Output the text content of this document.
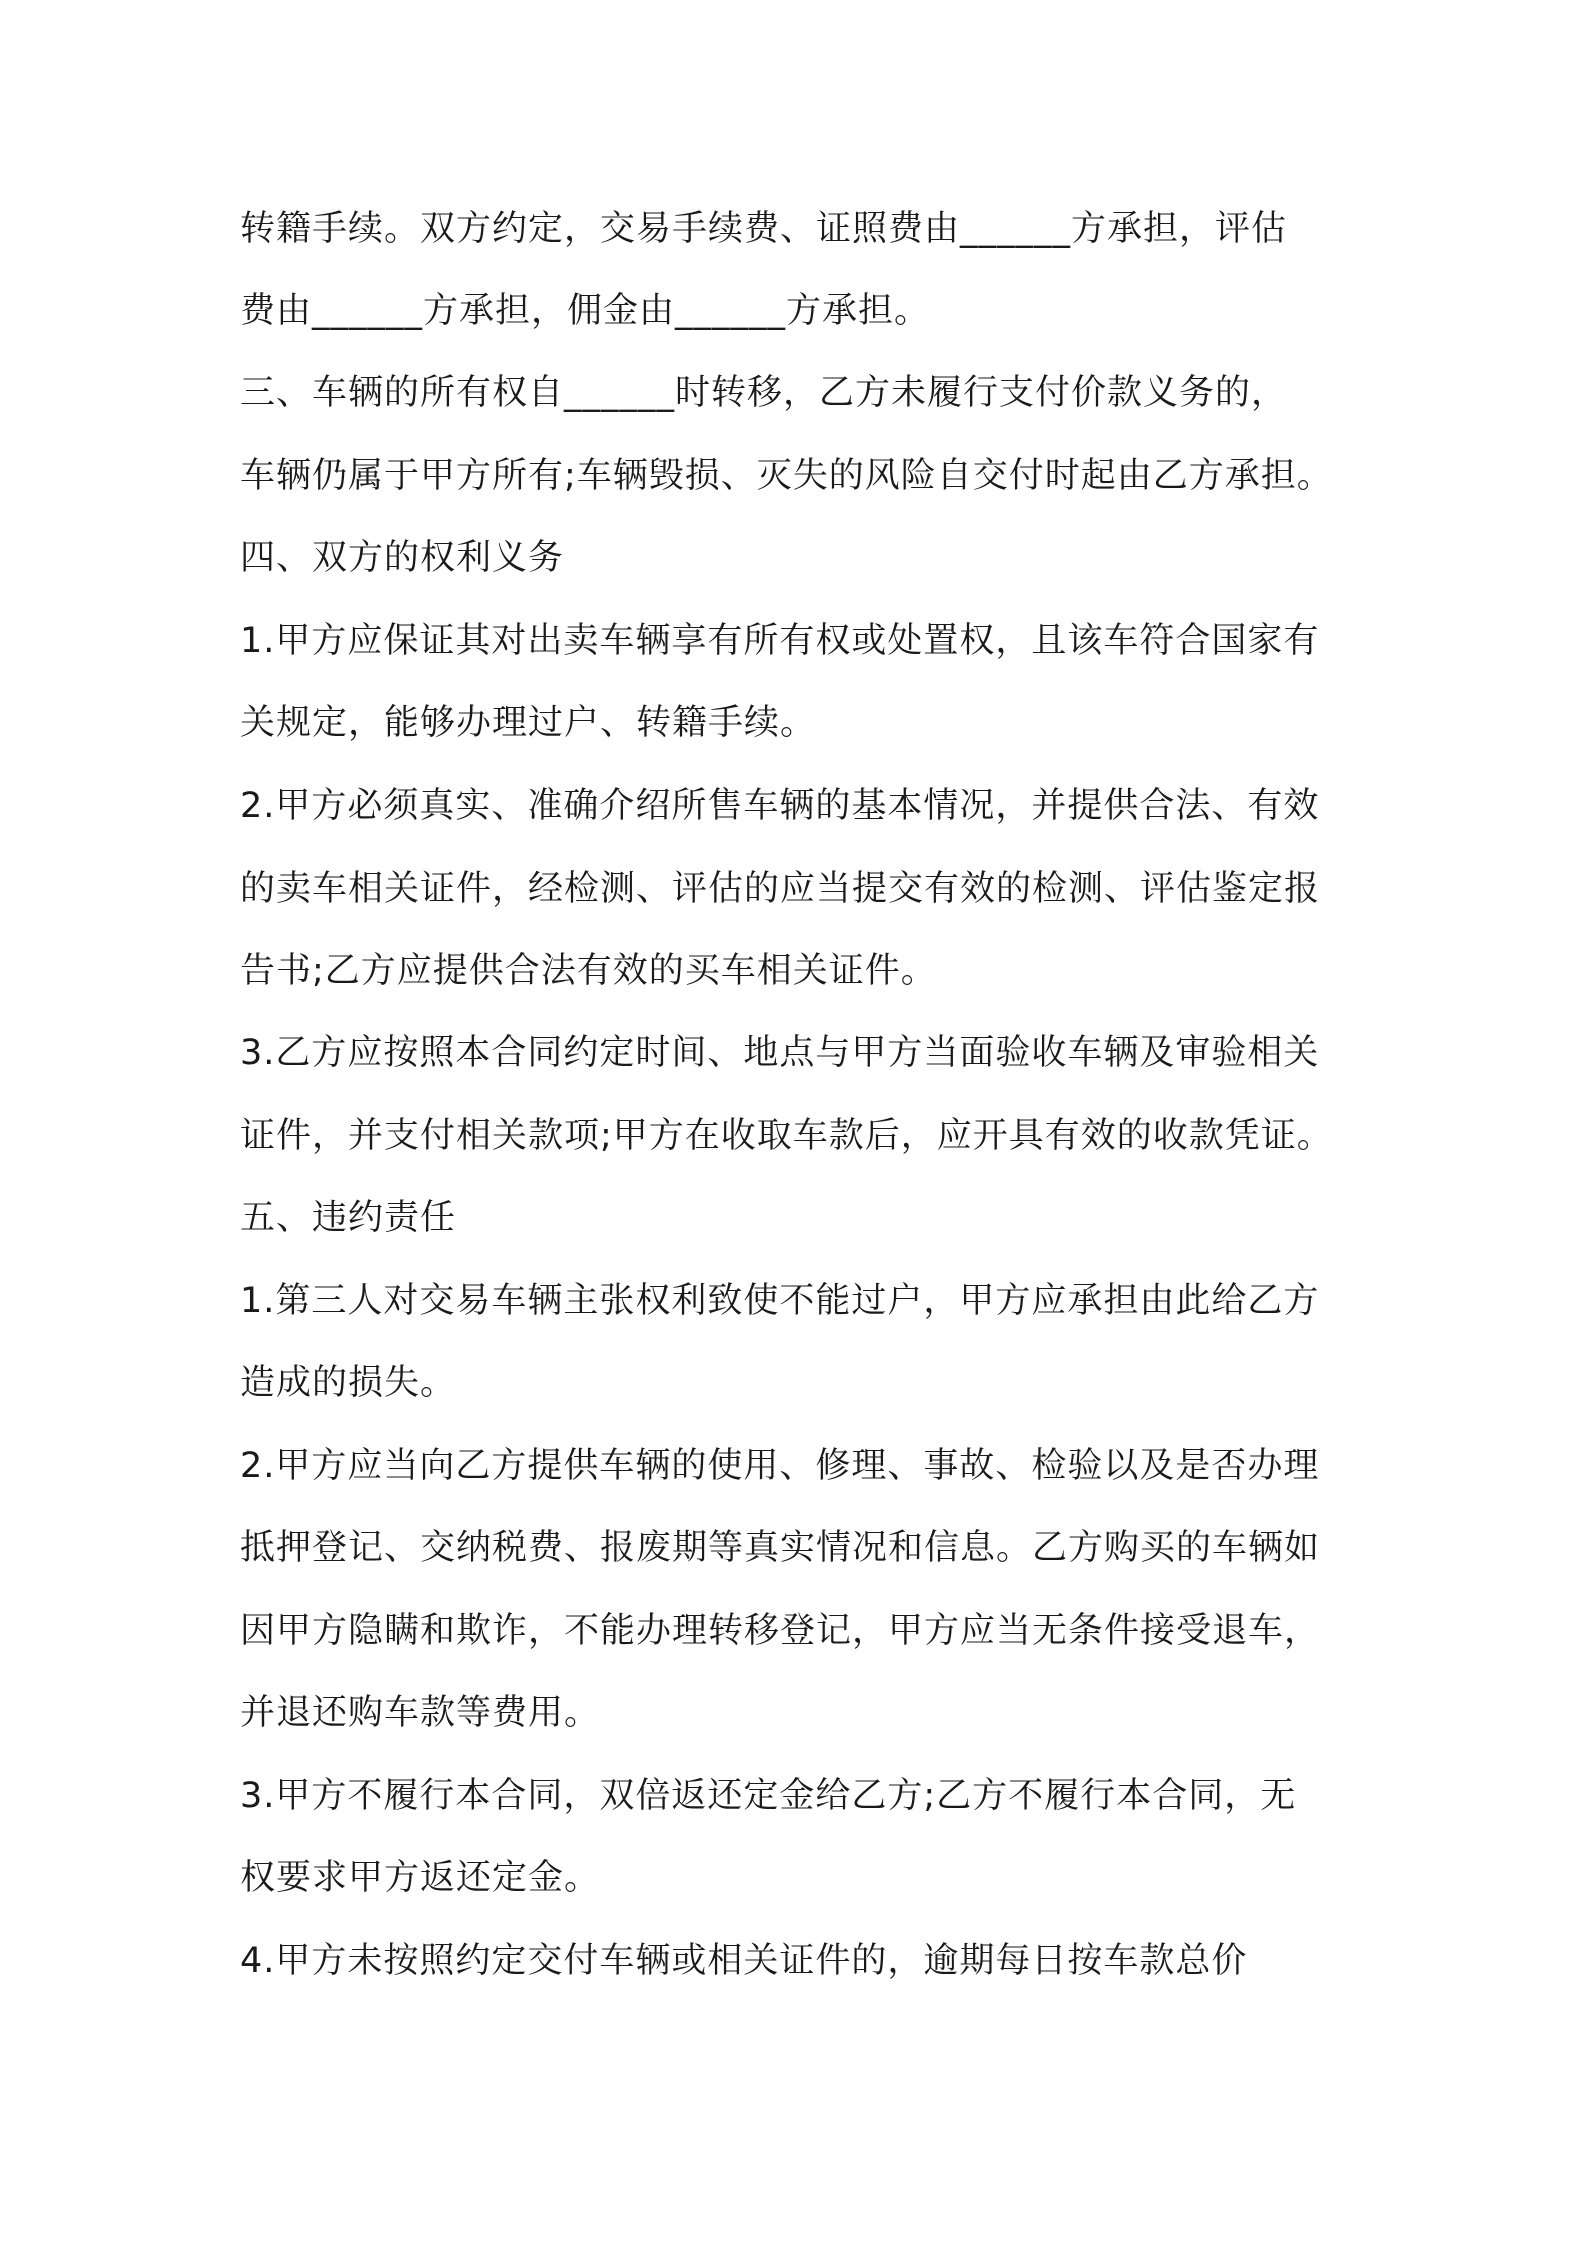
转籍手续。双方约定，交易手续费、证照费由______方承担，评估
费由______方承担，佣金由______方承担。
三、车辆的所有权自______时转移，乙方未履行支付价款义务的，
车辆仍属于甲方所有;车辆毁损、灭失的风险自交付时起由乙方承担。
四、双方的权利义务
1.甲方应保证其对出卖车辆享有所有权或处置权，且该车符合国家有
关规定，能够办理过户、转籍手续。
2.甲方必须真实、准确介绍所售车辆的基本情况，并提供合法、有效
的卖车相关证件，经检测、评估的应当提交有效的检测、评估鉴定报
告书;乙方应提供合法有效的买车相关证件。
3.乙方应按照本合同约定时间、地点与甲方当面验收车辆及审验相关
证件，并支付相关款项;甲方在收取车款后，应开具有效的收款凭证。
五、违约责任
1.第三人对交易车辆主张权利致使不能过户，甲方应承担由此给乙方
造成的损失。
2.甲方应当向乙方提供车辆的使用、修理、事故、检验以及是否办理
抵押登记、交纳税费、报废期等真实情况和信息。乙方购买的车辆如
因甲方隐瞒和欺诈，不能办理转移登记，甲方应当无条件接受退车，
并退还购车款等费用。
3.甲方不履行本合同，双倍返还定金给乙方;乙方不履行本合同，无
权要求甲方返还定金。
4.甲方未按照约定交付车辆或相关证件的，逾期每日按车款总价
